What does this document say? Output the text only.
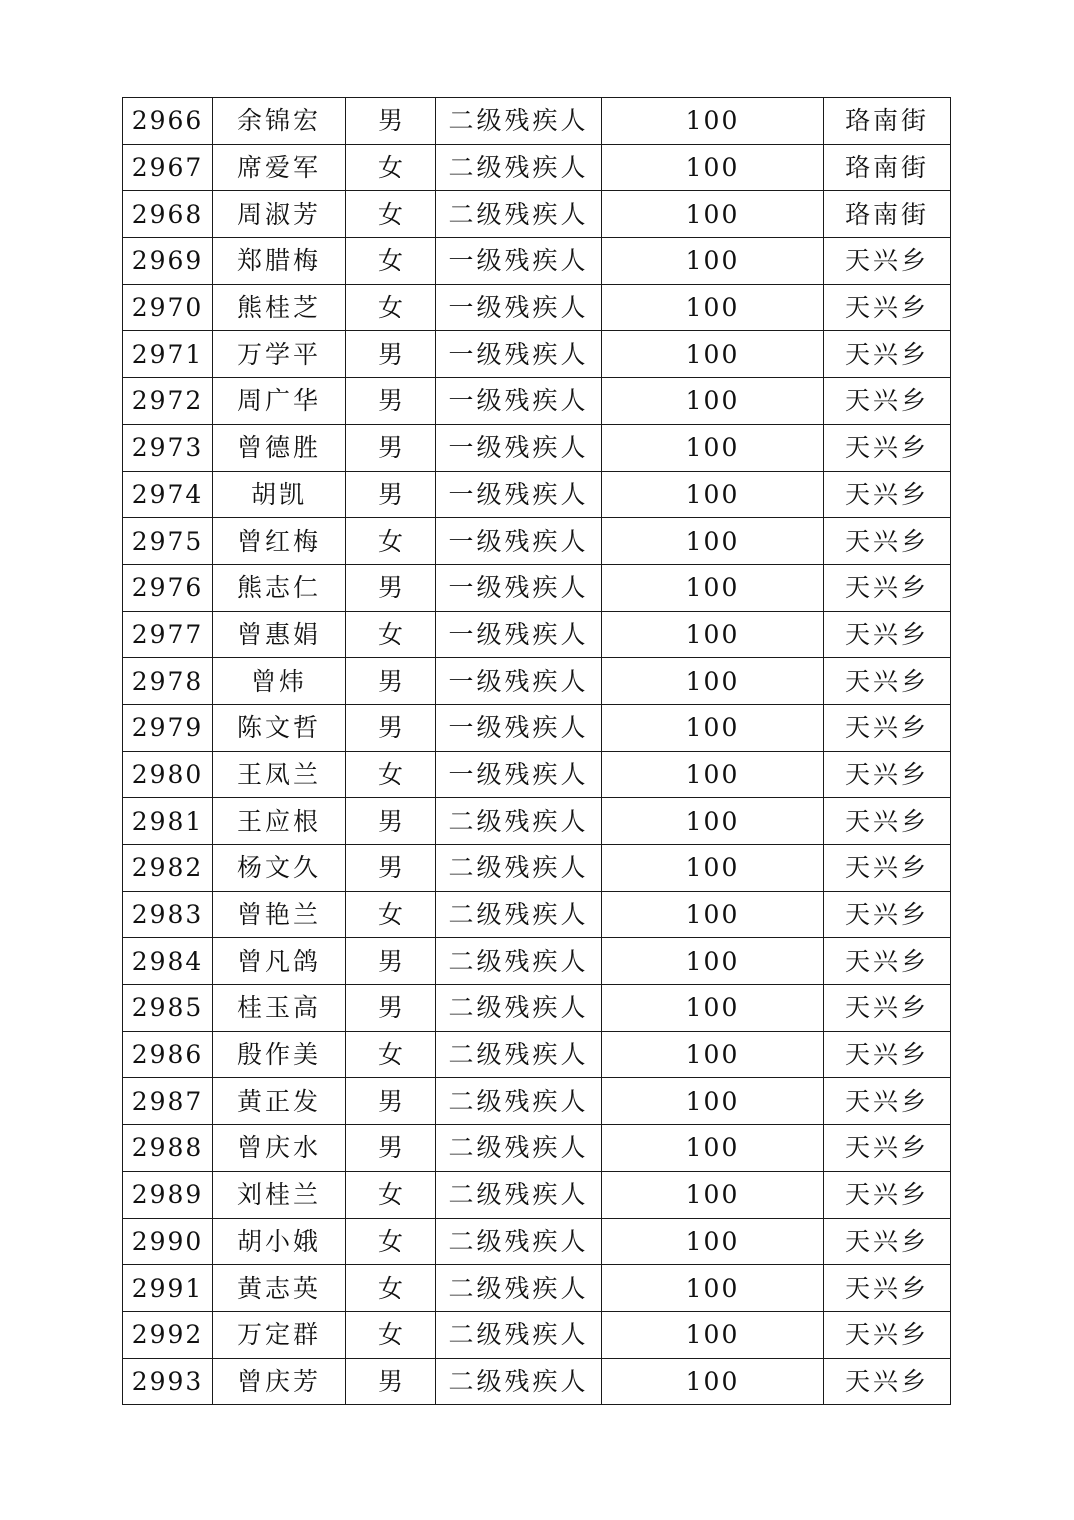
2966	余锦宏	男	二级残疾人	100	珞南街
2967	席爱军	女	二级残疾人	100	珞南街
2968	周淑芳	女	二级残疾人	100	珞南街
2969	郑腊梅	女	一级残疾人	100	天兴乡
2970	熊桂芝	女	一级残疾人	100	天兴乡
2971	万学平	男	一级残疾人	100	天兴乡
2972	周广华	男	一级残疾人	100	天兴乡
2973	曾德胜	男	一级残疾人	100	天兴乡
2974	胡凯	男	一级残疾人	100	天兴乡
2975	曾红梅	女	一级残疾人	100	天兴乡
2976	熊志仁	男	一级残疾人	100	天兴乡
2977	曾惠娟	女	一级残疾人	100	天兴乡
2978	曾炜	男	一级残疾人	100	天兴乡
2979	陈文哲	男	一级残疾人	100	天兴乡
2980	王凤兰	女	一级残疾人	100	天兴乡
2981	王应根	男	二级残疾人	100	天兴乡
2982	杨文久	男	二级残疾人	100	天兴乡
2983	曾艳兰	女	二级残疾人	100	天兴乡
2984	曾凡鸽	男	二级残疾人	100	天兴乡
2985	桂玉高	男	二级残疾人	100	天兴乡
2986	殷作美	女	二级残疾人	100	天兴乡
2987	黄正发	男	二级残疾人	100	天兴乡
2988	曾庆水	男	二级残疾人	100	天兴乡
2989	刘桂兰	女	二级残疾人	100	天兴乡
2990	胡小娥	女	二级残疾人	100	天兴乡
2991	黄志英	女	二级残疾人	100	天兴乡
2992	万定群	女	二级残疾人	100	天兴乡
2993	曾庆芳	男	二级残疾人	100	天兴乡
